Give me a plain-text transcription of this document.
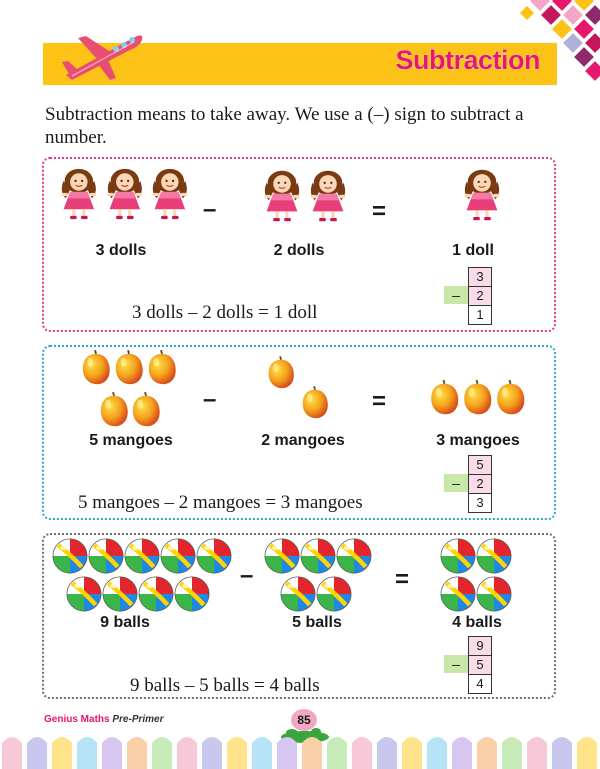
Subtraction
Subtraction means to take away. We use a (–) sign to subtract a number.
–	=
3 dolls	2 dolls	1 doll
3 dolls – 2 dolls = 1 doll
3
–	2
1
–	=
5 mangoes	2 mangoes	3 mangoes
5 mangoes – 2 mangoes = 3 mangoes
5
–	2
3
–	=
9 balls	5 balls	4 balls
9 balls – 5 balls = 4 balls
9
–	5
4
Genius Maths Pre-Primer	85
